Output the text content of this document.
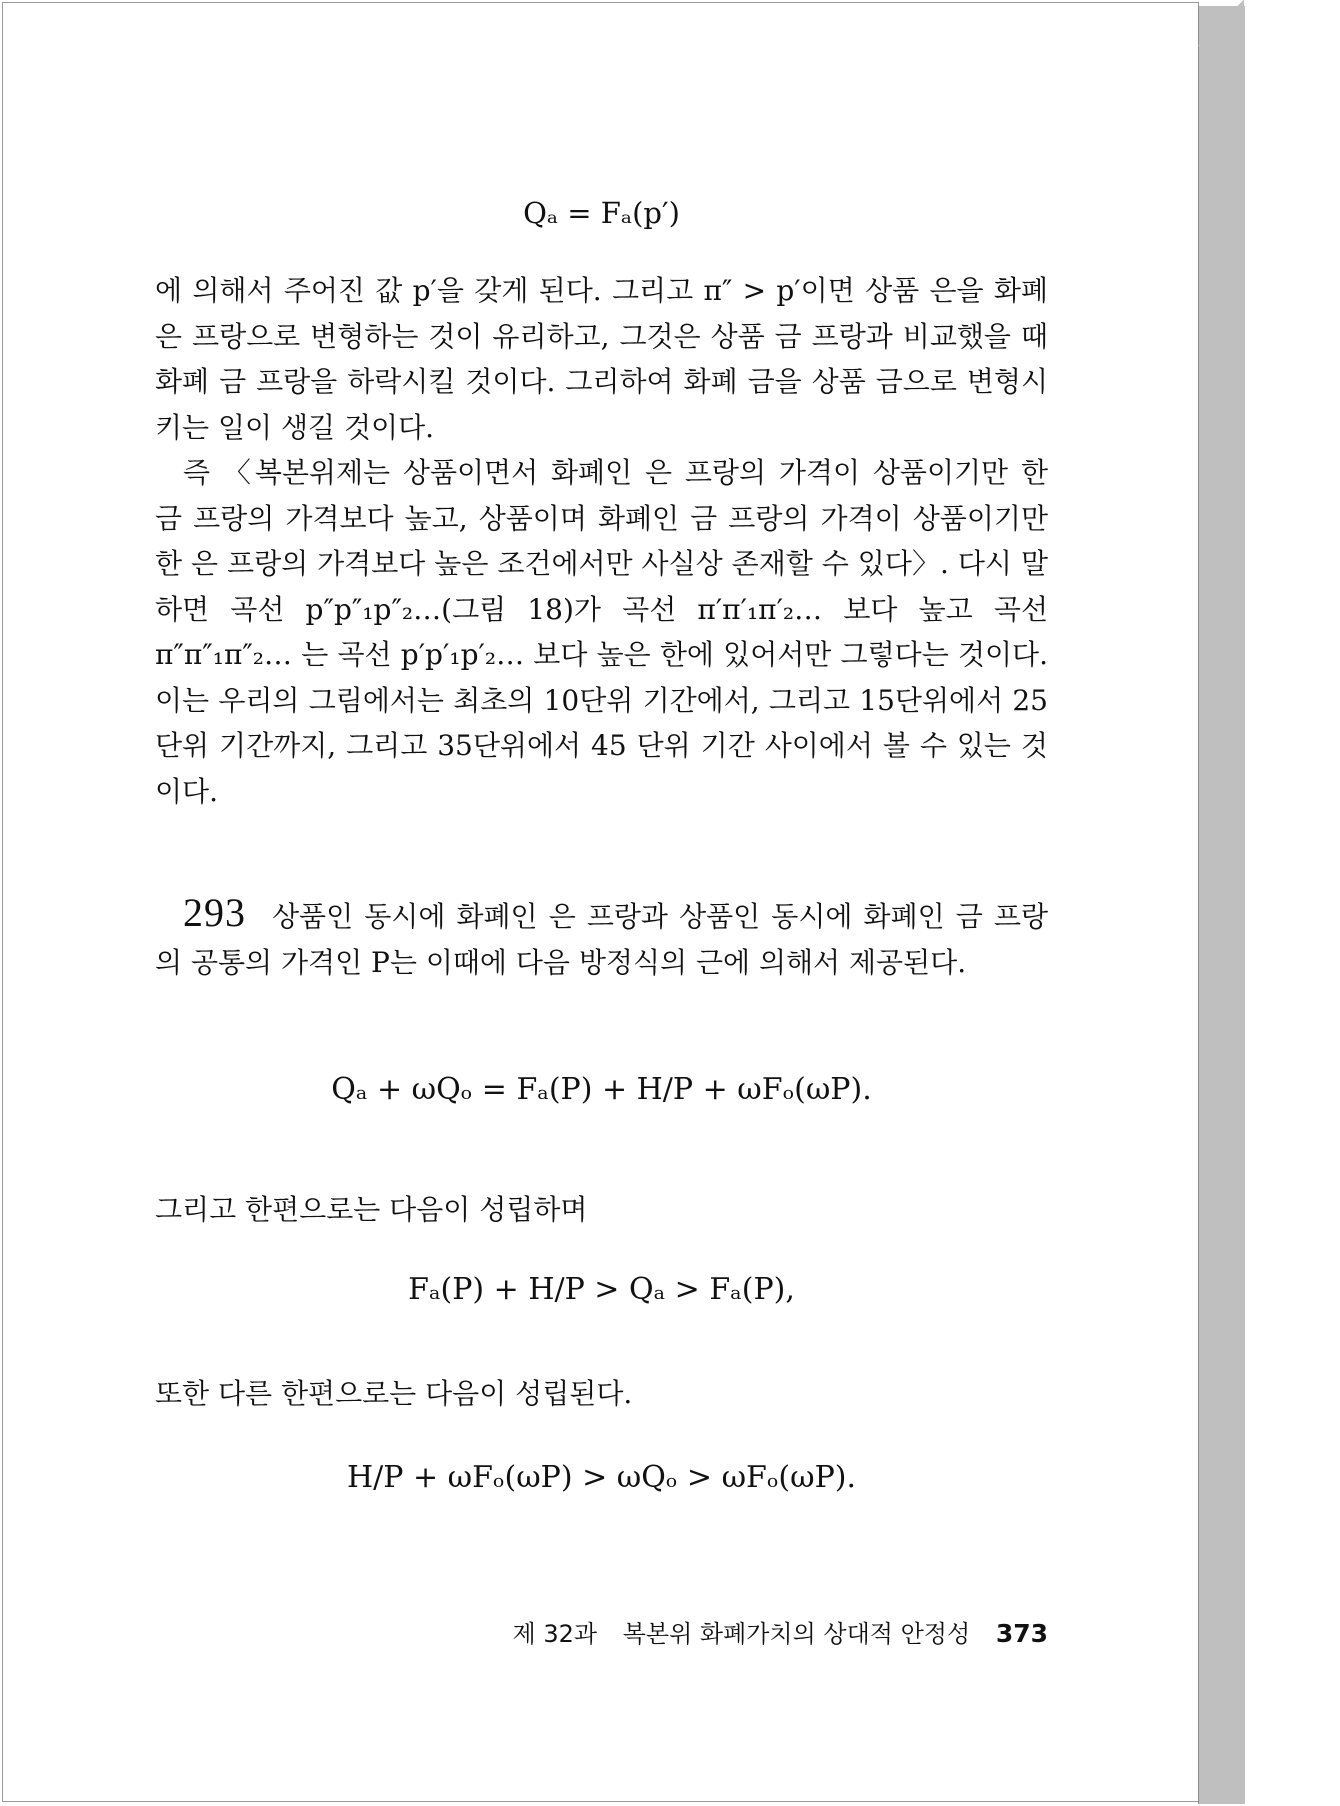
Qₐ = Fₐ(p′)

에 의해서 주어진 값 p′을 갖게 된다. 그리고 π″ > p′이면 상품 은을 화폐 은 프랑으로 변형하는 것이 유리하고, 그것은 상품 금 프랑과 비교했을 때 화폐 금 프랑을 하락시킬 것이다. 그리하여 화폐 금을 상품 금으로 변형시키는 일이 생길 것이다.

즉 〈복본위제는 상품이면서 화폐인 은 프랑의 가격이 상품이기만 한 금 프랑의 가격보다 높고, 상품이며 화폐인 금 프랑의 가격이 상품이기만 한 은 프랑의 가격보다 높은 조건에서만 사실상 존재할 수 있다〉. 다시 말하면 곡선 p″p″₁p″₂…(그림 18)가 곡선 π′π′₁π′₂… 보다 높고 곡선 π″π″₁π″₂… 는 곡선 p′p′₁p′₂… 보다 높은 한에 있어서만 그렇다는 것이다. 이는 우리의 그림에서는 최초의 10단위 기간에서, 그리고 15단위에서 25단위 기간까지, 그리고 35단위에서 45 단위 기간 사이에서 볼 수 있는 것이다.

293 상품인 동시에 화폐인 은 프랑과 상품인 동시에 화폐인 금 프랑의 공통의 가격인 P는 이때에 다음 방정식의 근에 의해서 제공된다.

Qₐ + ωQₒ = Fₐ(P) + H/P + ωFₒ(ωP).
그리고 한편으로는 다음이 성립하며
Fₐ(P) + H/P > Qₐ > Fₐ(P),
또한 다른 한편으로는 다음이 성립된다.
H/P + ωFₒ(ωP) > ωQₒ > ωFₒ(ωP).
제 32과 복본위 화폐가치의 상대적 안정성 373
